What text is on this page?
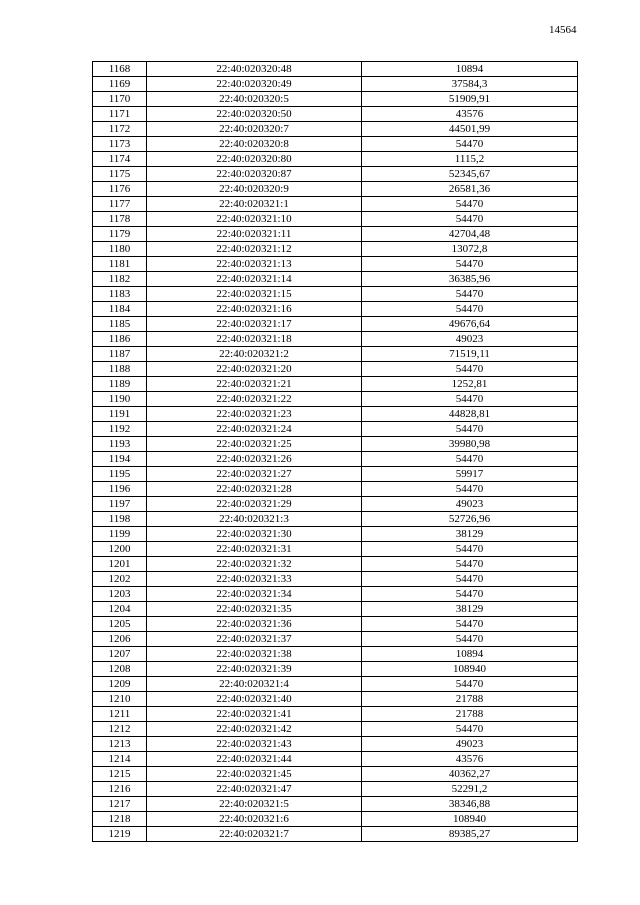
14564
1168	22:40:020320:48	10894
1169	22:40:020320:49	37584,3
1170	22:40:020320:5	51909,91
1171	22:40:020320:50	43576
1172	22:40:020320:7	44501,99
1173	22:40:020320:8	54470
1174	22:40:020320:80	1115,2
1175	22:40:020320:87	52345,67
1176	22:40:020320:9	26581,36
1177	22:40:020321:1	54470
1178	22:40:020321:10	54470
1179	22:40:020321:11	42704,48
1180	22:40:020321:12	13072,8
1181	22:40:020321:13	54470
1182	22:40:020321:14	36385,96
1183	22:40:020321:15	54470
1184	22:40:020321:16	54470
1185	22:40:020321:17	49676,64
1186	22:40:020321:18	49023
1187	22:40:020321:2	71519,11
1188	22:40:020321:20	54470
1189	22:40:020321:21	1252,81
1190	22:40:020321:22	54470
1191	22:40:020321:23	44828,81
1192	22:40:020321:24	54470
1193	22:40:020321:25	39980,98
1194	22:40:020321:26	54470
1195	22:40:020321:27	59917
1196	22:40:020321:28	54470
1197	22:40:020321:29	49023
1198	22:40:020321:3	52726,96
1199	22:40:020321:30	38129
1200	22:40:020321:31	54470
1201	22:40:020321:32	54470
1202	22:40:020321:33	54470
1203	22:40:020321:34	54470
1204	22:40:020321:35	38129
1205	22:40:020321:36	54470
1206	22:40:020321:37	54470
1207	22:40:020321:38	10894
1208	22:40:020321:39	108940
1209	22:40:020321:4	54470
1210	22:40:020321:40	21788
1211	22:40:020321:41	21788
1212	22:40:020321:42	54470
1213	22:40:020321:43	49023
1214	22:40:020321:44	43576
1215	22:40:020321:45	40362,27
1216	22:40:020321:47	52291,2
1217	22:40:020321:5	38346,88
1218	22:40:020321:6	108940
1219	22:40:020321:7	89385,27
